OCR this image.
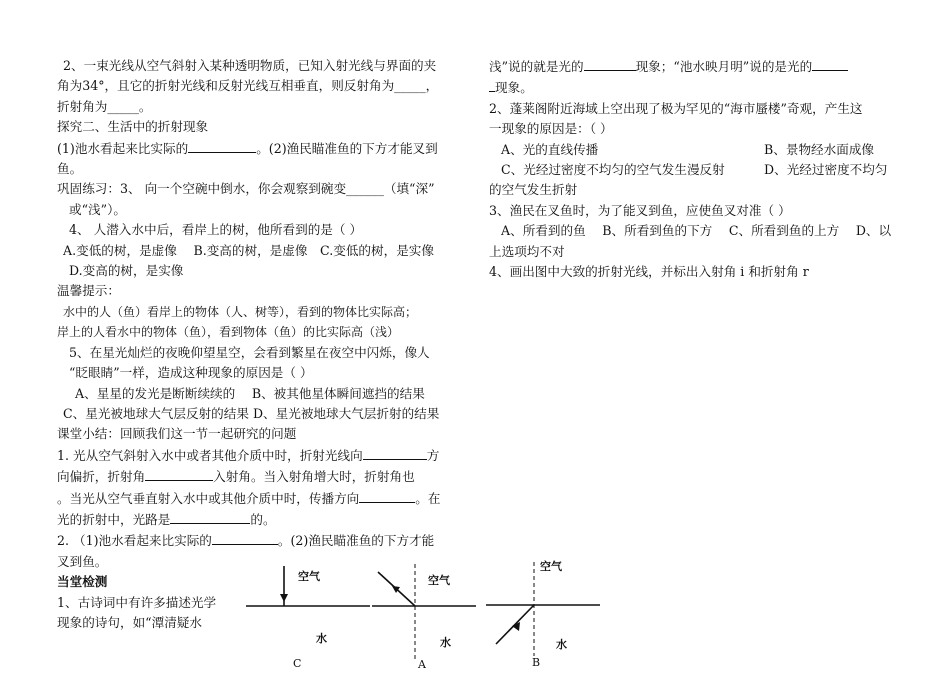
2、一束光线从空气斜射入某种透明物质，已知入射光线与界面的夹

角为34°，且它的折射光线和反射光线互相垂直，则反射角为_____，

折射角为_____。

探究二、生活中的折射现象

(1)池水看起来比实际的	。(2)渔民瞄准鱼的下方才能叉到

鱼。

巩固练习：3、 向一个空碗中倒水，你会观察到碗变______（填“深”

或“浅”）。

4、 人潜入水中后，看岸上的树，他所看到的是（ ）

A.变低的树，是虚像　 B.变高的树，是虚像　C.变低的树，是实像

D.变高的树，是实像

温馨提示：

水中的人（鱼）看岸上的物体（人、树等），看到的物体比实际高；

岸上的人看水中的物体（鱼），看到物体（鱼）的比实际高（浅）

5、在星光灿烂的夜晚仰望星空，会看到繁星在夜空中闪烁，像人

“眨眼睛”一样，造成这种现象的原因是（ ）

A、星星的发光是断断续续的　 B、被其他星体瞬间遮挡的结果

C、星光被地球大气层反射的结果 D、星光被地球大气层折射的结果

课堂小结：回顾我们这一节一起研究的问题

1. 光从空气斜射入水中或者其他介质中时，折射光线向	方

向偏折，折射角	入射角。当入射角增大时，折射角也

。当光从空气垂直射入水中或其他介质中时，传播方向	。在

光的折射中，光路是	的。

2. （1)池水看起来比实际的	。(2)渔民瞄准鱼的下方才能

叉到鱼。

当堂检测

1、古诗词中有许多描述光学

现象的诗句，如“潭清疑水

浅”说的就是光的	现象；“池水映月明”说的是光的

现象。

2、蓬莱阁附近海域上空出现了极为罕见的“海市蜃楼”奇观，产生这

一现象的原因是：（ ）

A、光的直线传播	B、景物经水面成像

C、光经过密度不均匀的空气发生漫反射	D、光经过密度不均匀

的空气发生折射

3、渔民在叉鱼时，为了能叉到鱼，应使鱼叉对准（ ）

A、所看到的鱼　 B、所看到鱼的下方　 C、所看到鱼的上方　 D、以

上选项均不对

4、画出图中大致的折射光线，并标出入射角 i 和折射角 r

空气
水
C
空气
水
A
空气
水
B
